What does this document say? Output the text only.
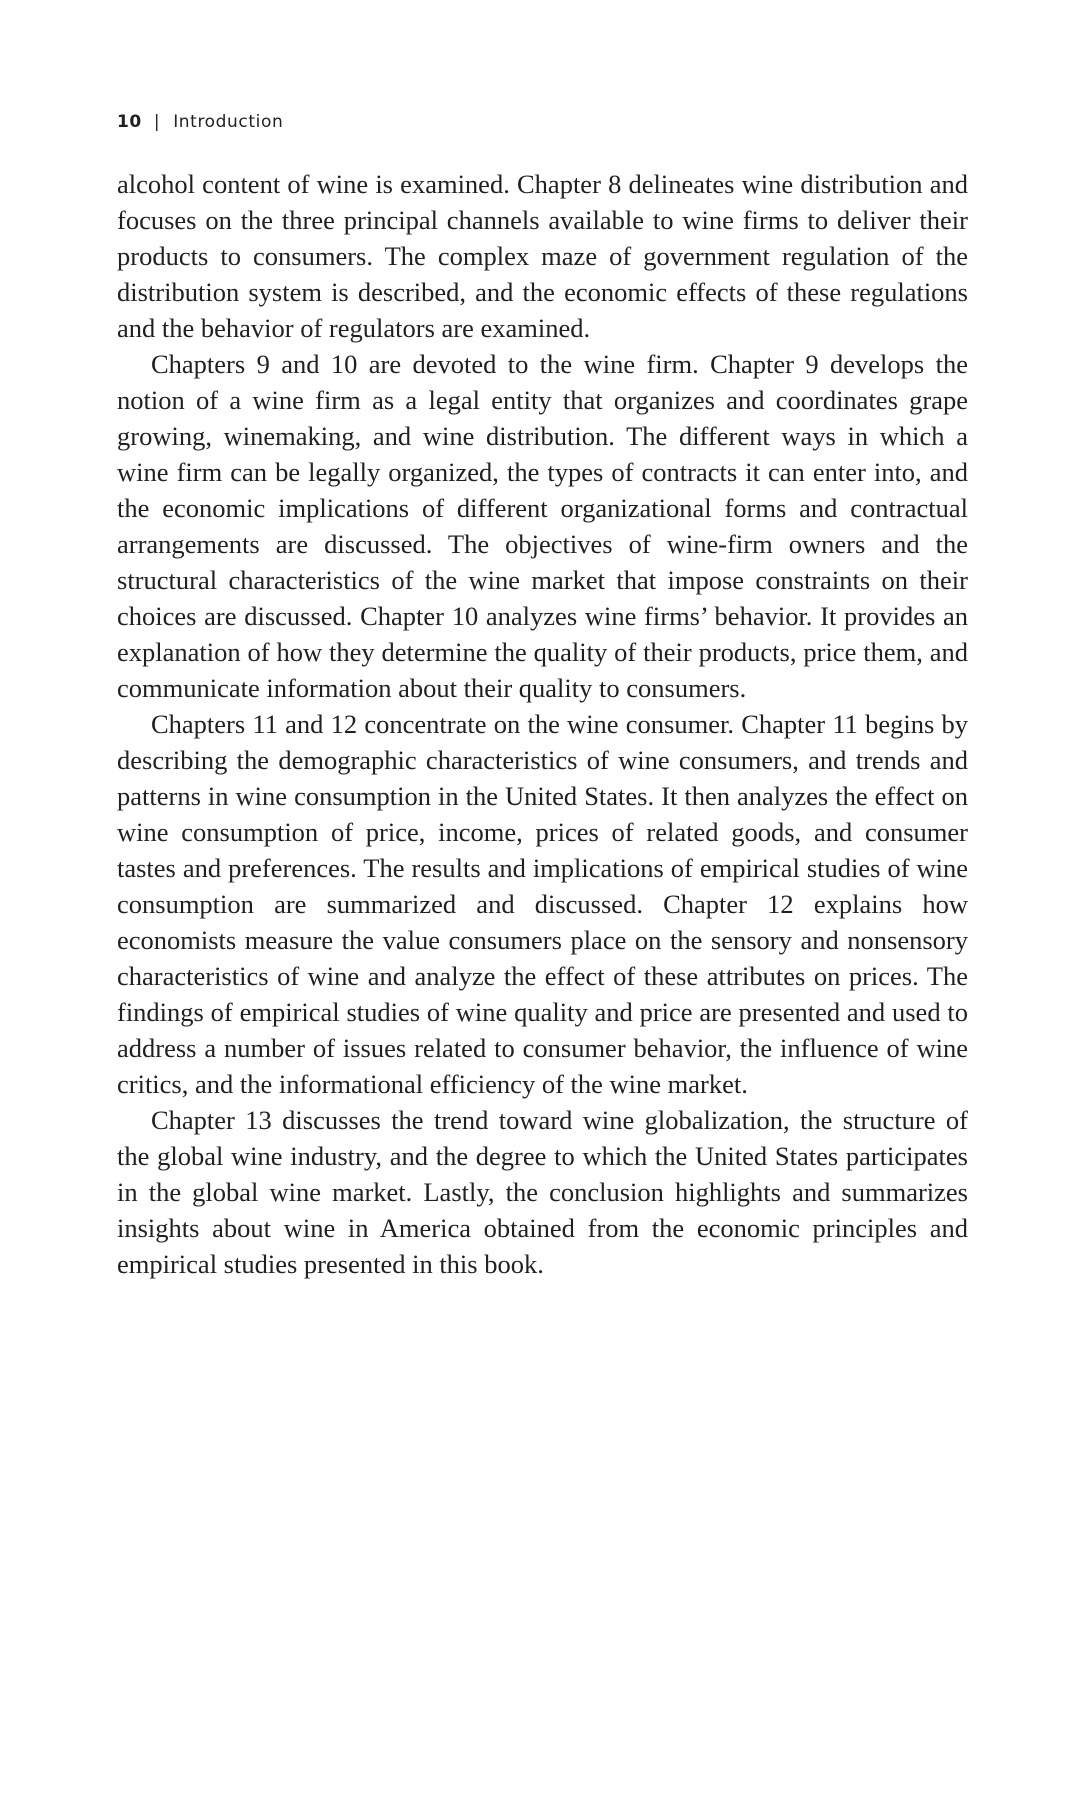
10 | Introduction

alcohol content of wine is examined. Chapter 8 delineates wine distribution and focuses on the three principal channels available to wine firms to deliver their products to consumers. The complex maze of government regulation of the distribution system is described, and the economic effects of these regulations and the behavior of regulators are examined.

Chapters 9 and 10 are devoted to the wine firm. Chapter 9 develops the notion of a wine firm as a legal entity that organizes and coordinates grape growing, winemaking, and wine distribution. The different ways in which a wine firm can be legally organized, the types of contracts it can enter into, and the economic implications of different organizational forms and contractual arrangements are discussed. The objectives of wine-firm owners and the structural characteristics of the wine market that impose constraints on their choices are discussed. Chapter 10 analyzes wine firms’ behavior. It provides an explanation of how they determine the quality of their products, price them, and communicate information about their quality to consumers.

Chapters 11 and 12 concentrate on the wine consumer. Chapter 11 begins by describing the demographic characteristics of wine consumers, and trends and patterns in wine consumption in the United States. It then analyzes the effect on wine consumption of price, income, prices of related goods, and consumer tastes and preferences. The results and implications of empirical studies of wine consumption are summarized and discussed. Chapter 12 explains how economists measure the value consumers place on the sensory and nonsensory characteristics of wine and analyze the effect of these attributes on prices. The findings of empirical studies of wine quality and price are presented and used to address a number of issues related to consumer behavior, the influence of wine critics, and the informational efficiency of the wine market.

Chapter 13 discusses the trend toward wine globalization, the structure of the global wine industry, and the degree to which the United States participates in the global wine market. Lastly, the conclusion highlights and summarizes insights about wine in America obtained from the economic principles and empirical studies presented in this book.
